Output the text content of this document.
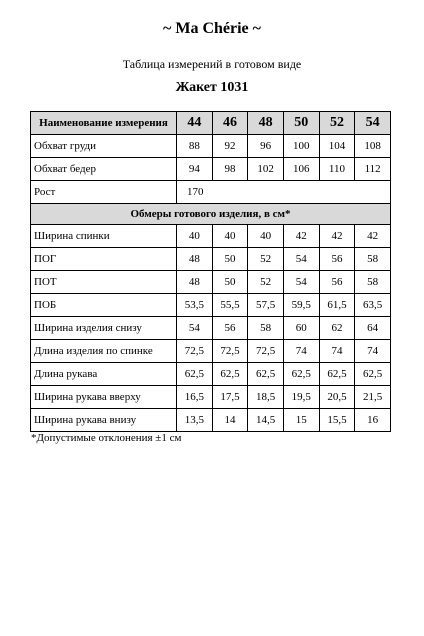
~ Ma Chérie ~
Таблица измерений в готовом виде
Жакет 1031
Наименование измерения	44	46	48	50	52	54
Обхват груди	88	92	96	100	104	108
Обхват бедер	94	98	102	106	110	112
Рост	170					
Обмеры готового изделия, в см*						
Ширина спинки	40	40	40	42	42	42
ПОГ	48	50	52	54	56	58
ПОТ	48	50	52	54	56	58
ПОБ	53,5	55,5	57,5	59,5	61,5	63,5
Ширина изделия снизу	54	56	58	60	62	64
Длина изделия по спинке	72,5	72,5	72,5	74	74	74
Длина рукава	62,5	62,5	62,5	62,5	62,5	62,5
Ширина рукава вверху	16,5	17,5	18,5	19,5	20,5	21,5
Ширина рукава внизу	13,5	14	14,5	15	15,5	16
*Допустимые отклонения ±1 см
